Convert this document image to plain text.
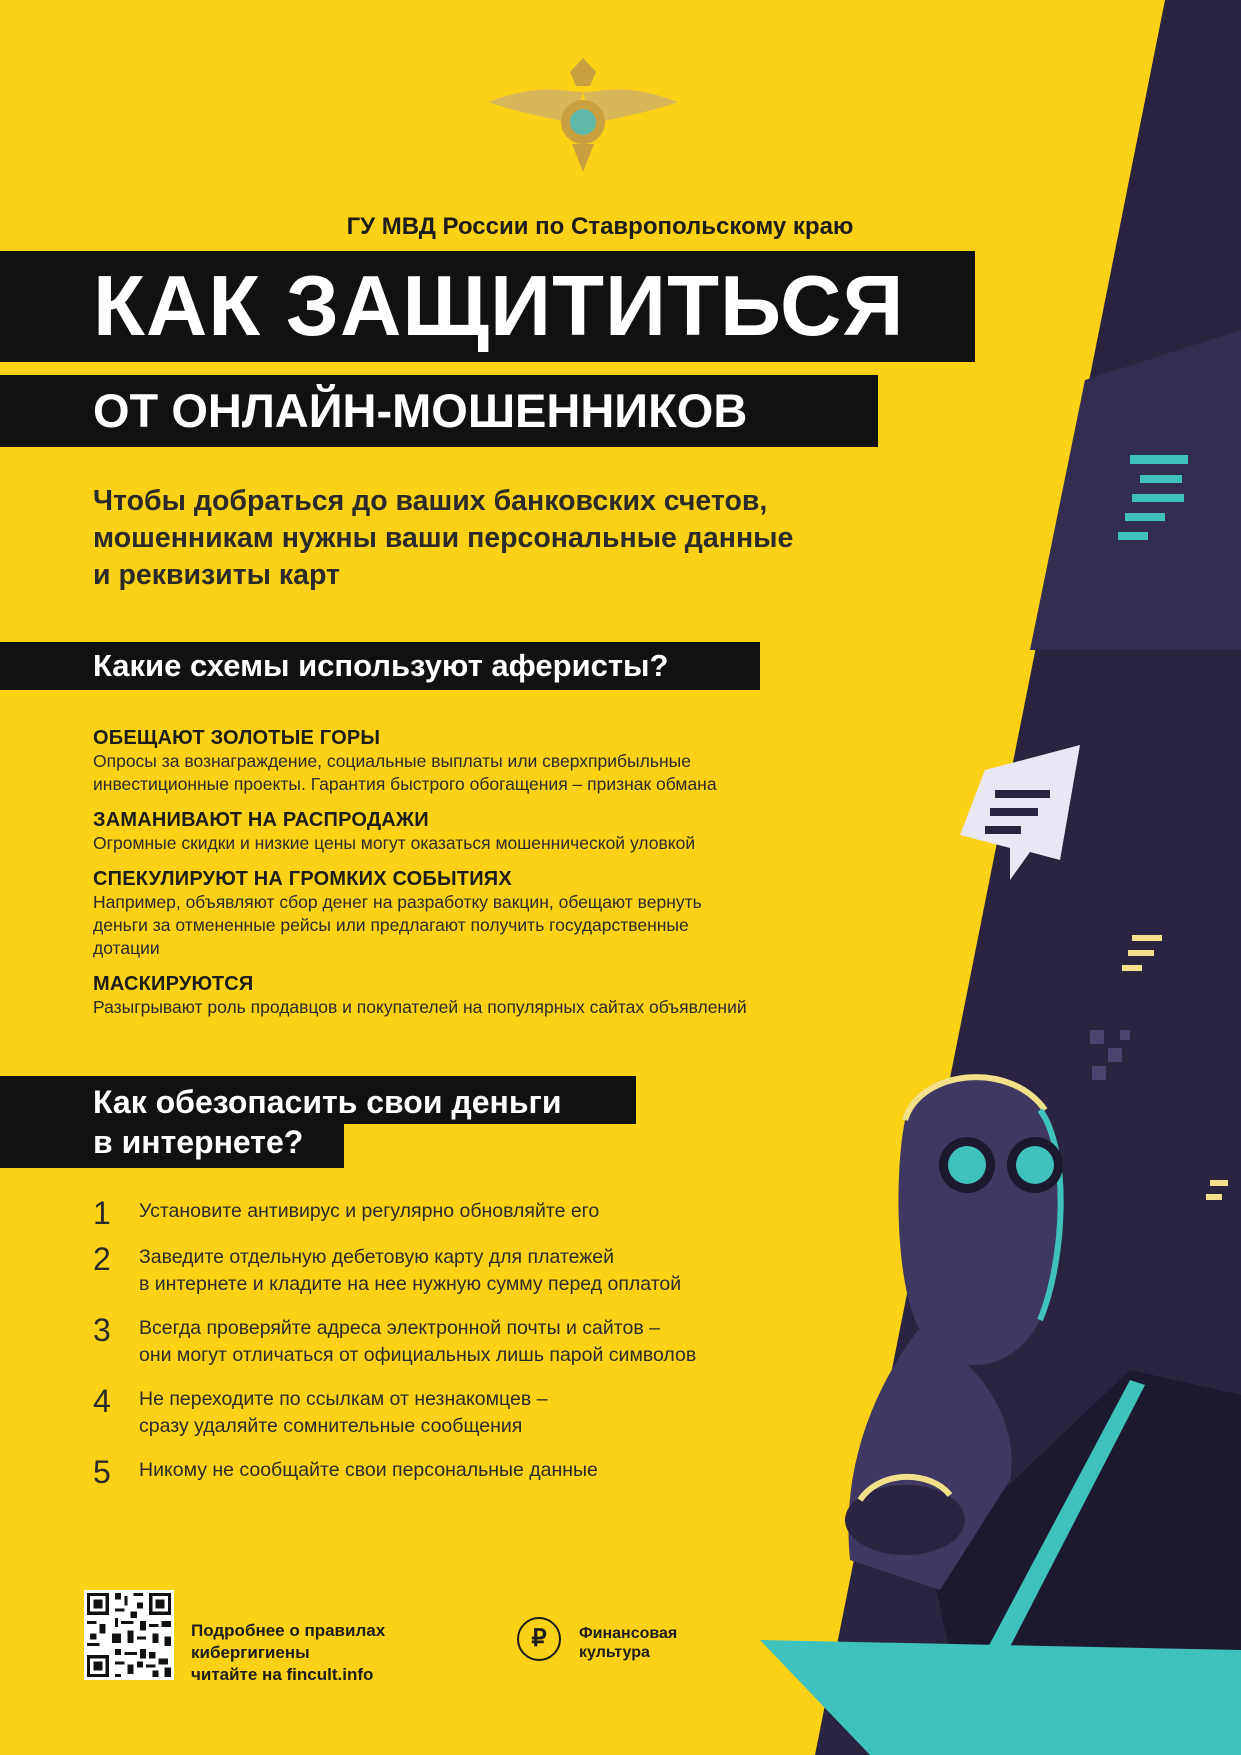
ГУ МВД России по Ставропольскому краю
КАК ЗАЩИТИТЬСЯ
ОТ ОНЛАЙН-МОШЕННИКОВ
Чтобы добраться до ваших банковских счетов,
мошенникам нужны ваши персональные данные
и реквизиты карт
Какие схемы используют аферисты?
ОБЕЩАЮТ ЗОЛОТЫЕ ГОРЫ
Опросы за вознаграждение, социальные выплаты или сверхприбыльные
инвестиционные проекты. Гарантия быстрого обогащения – признак обмана
ЗАМАНИВАЮТ НА РАСПРОДАЖИ
Огромные скидки и низкие цены могут оказаться мошеннической уловкой
СПЕКУЛИРУЮТ НА ГРОМКИХ СОБЫТИЯХ
Например, объявляют сбор денег на разработку вакцин, обещают вернуть
деньги за отмененные рейсы или предлагают получить государственные
дотации
МАСКИРУЮТСЯ
Разыгрывают роль продавцов и покупателей на популярных сайтах объявлений
Как обезопасить свои деньги
в интернете?
1 Установите антивирус и регулярно обновляйте его
2 Заведите отдельную дебетовую карту для платежей
в интернете и кладите на нее нужную сумму перед оплатой
3 Всегда проверяйте адреса электронной почты и сайтов –
они могут отличаться от официальных лишь парой символов
4 Не переходите по ссылкам от незнакомцев –
сразу удаляйте сомнительные сообщения
5 Никому не сообщайте свои персональные данные
Подробнее о правилах
кибергигиены
читайте на fincult.info
₽	Финансовая
культура
